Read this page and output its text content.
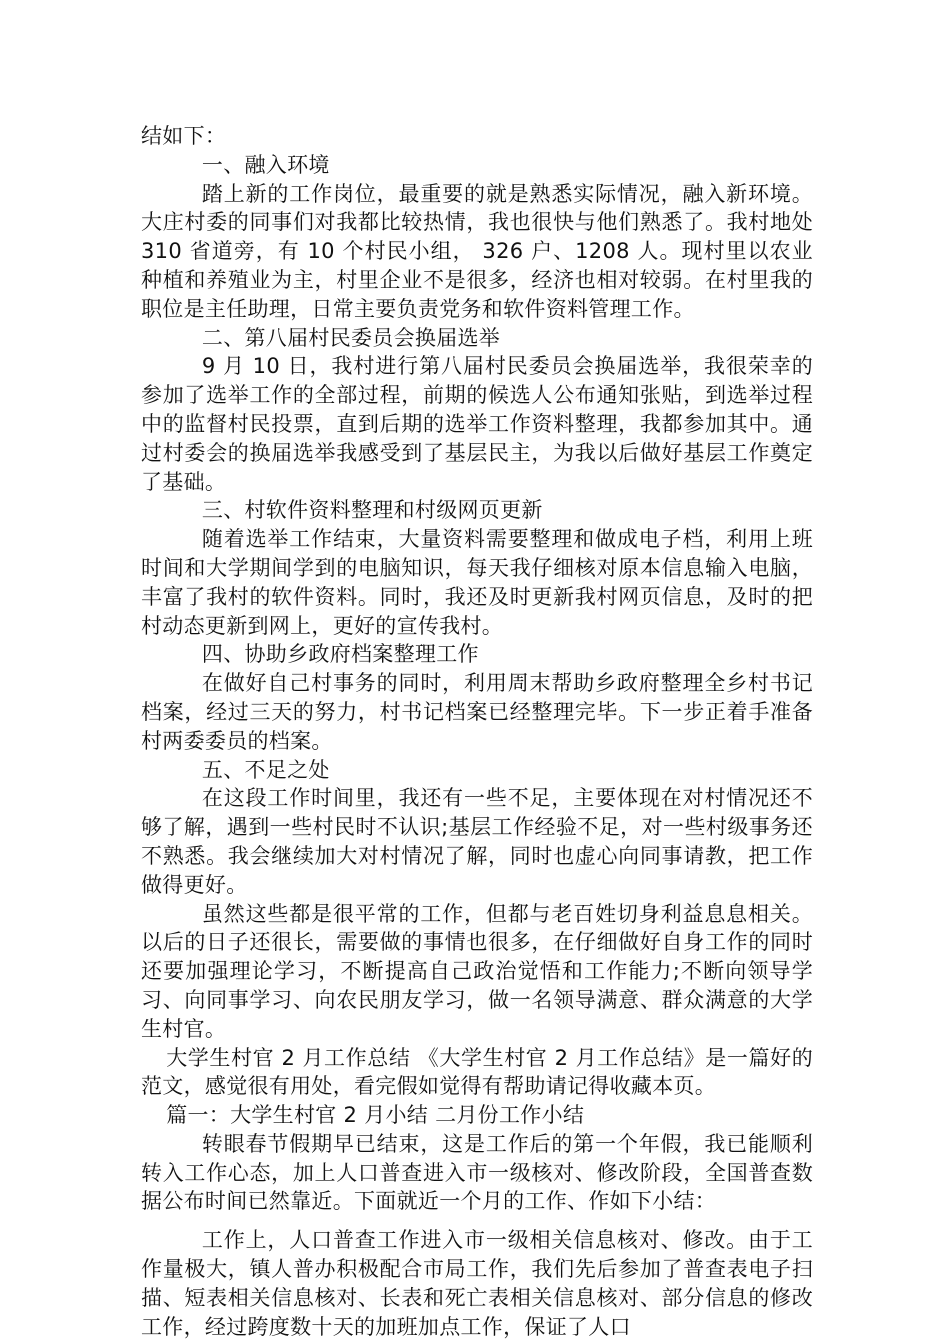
结如下：

一、融入环境

踏上新的工作岗位，最重要的就是熟悉实际情况，融入新环境。大庄村委的同事们对我都比较热情，我也很快与他们熟悉了。我村地处 310 省道旁，有 10 个村民小组， 326 户、1208 人。现村里以农业种植和养殖业为主，村里企业不是很多，经济也相对较弱。在村里我的职位是主任助理，日常主要负责党务和软件资料管理工作。

二、第八届村民委员会换届选举

9 月 10 日，我村进行第八届村民委员会换届选举，我很荣幸的参加了选举工作的全部过程，前期的候选人公布通知张贴，到选举过程中的监督村民投票，直到后期的选举工作资料整理，我都参加其中。通过村委会的换届选举我感受到了基层民主，为我以后做好基层工作奠定了基础。

三、村软件资料整理和村级网页更新

随着选举工作结束，大量资料需要整理和做成电子档，利用上班时间和大学期间学到的电脑知识，每天我仔细核对原本信息输入电脑，丰富了我村的软件资料。同时，我还及时更新我村网页信息，及时的把村动态更新到网上，更好的宣传我村。

四、协助乡政府档案整理工作

在做好自己村事务的同时，利用周末帮助乡政府整理全乡村书记档案，经过三天的努力，村书记档案已经整理完毕。下一步正着手准备村两委委员的档案。

五、不足之处

在这段工作时间里，我还有一些不足，主要体现在对村情况还不够了解，遇到一些村民时不认识;基层工作经验不足，对一些村级事务还不熟悉。我会继续加大对村情况了解，同时也虚心向同事请教，把工作做得更好。

虽然这些都是很平常的工作，但都与老百姓切身利益息息相关。以后的日子还很长，需要做的事情也很多，在仔细做好自身工作的同时还要加强理论学习，不断提高自己政治觉悟和工作能力;不断向领导学习、向同事学习、向农民朋友学习，做一名领导满意、群众满意的大学生村官。

大学生村官 2 月工作总结 《大学生村官 2 月工作总结》是一篇好的范文，感觉很有用处，看完假如觉得有帮助请记得收藏本页。

篇一：大学生村官 2 月小结 二月份工作小结

转眼春节假期早已结束，这是工作后的第一个年假，我已能顺利转入工作心态，加上人口普查进入市一级核对、修改阶段，全国普查数据公布时间已然靠近。下面就近一个月的工作、作如下小结：

工作上，人口普查工作进入市一级相关信息核对、修改。由于工作量极大，镇人普办积极配合市局工作，我们先后参加了普查表电子扫描、短表相关信息核对、长表和死亡表相关信息核对、部分信息的修改工作，经过跨度数十天的加班加点工作，保证了人口
